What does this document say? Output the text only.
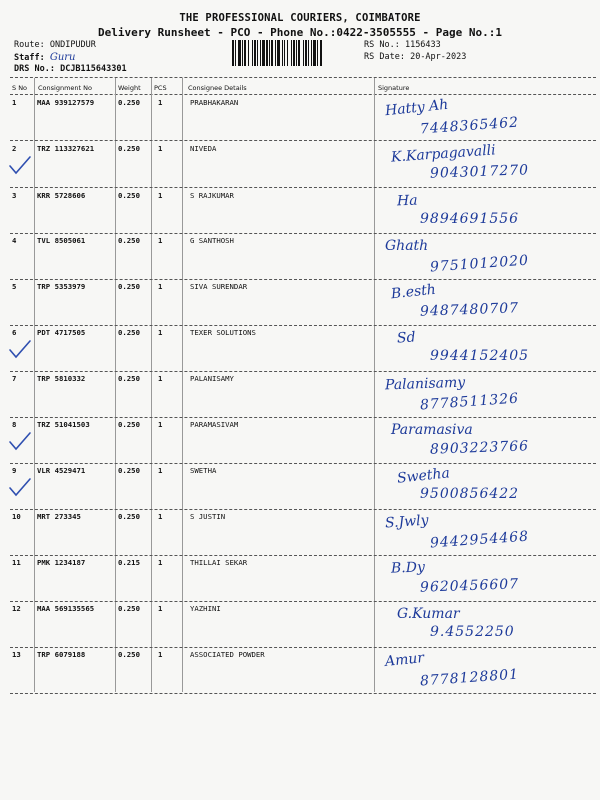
THE PROFESSIONAL COURIERS, COIMBATORE
Delivery Runsheet - PCO - Phone No.:0422-3505555 - Page No.:1
Route: ONDIPUDUR
Staff: Guru
DRS No.: DCJB115643301
RS No.: 1156433
RS Date: 20-Apr-2023
S No Consignment No	Weight PCS	Consignee Details	Signature
1	MAA 939127579	0.250 1	PRABHAKARAN	Hatty Ah
7448365462
2	TRZ 113327621	0.250 1	NIVEDA	K.Karpagavalli
9043017270
3	KRR 5728606	0.250 1	S RAJKUMAR	Ha
9894691556
4	TVL 8505061	0.250 1	G SANTHOSH	Ghath
9751012020
5	TRP 5353979	0.250 1	SIVA SURENDAR	B.esth
9487480707
6	PDT 4717505	0.250 1	TEXER SOLUTIONS	Sd
9944152405
7	TRP 5810332	0.250 1	PALANISAMY	Palanisamy
8778511326
8	TRZ 51041503	0.250 1	PARAMASIVAM	Paramasiva
8903223766
9	VLR 4529471	0.250 1	SWETHA	Swetha
9500856422
10 MRT 273345	0.250 1	S JUSTIN	S.Jwly
9442954468
11 PMK 1234187	0.215 1	THILLAI SEKAR	B.Dy
9620456607
12 MAA 569135565	0.250 1	YAZHINI	G.Kumar
9.4552250
13 TRP 6079188	0.250 1	ASSOCIATED POWDER	Amur
8778128801
